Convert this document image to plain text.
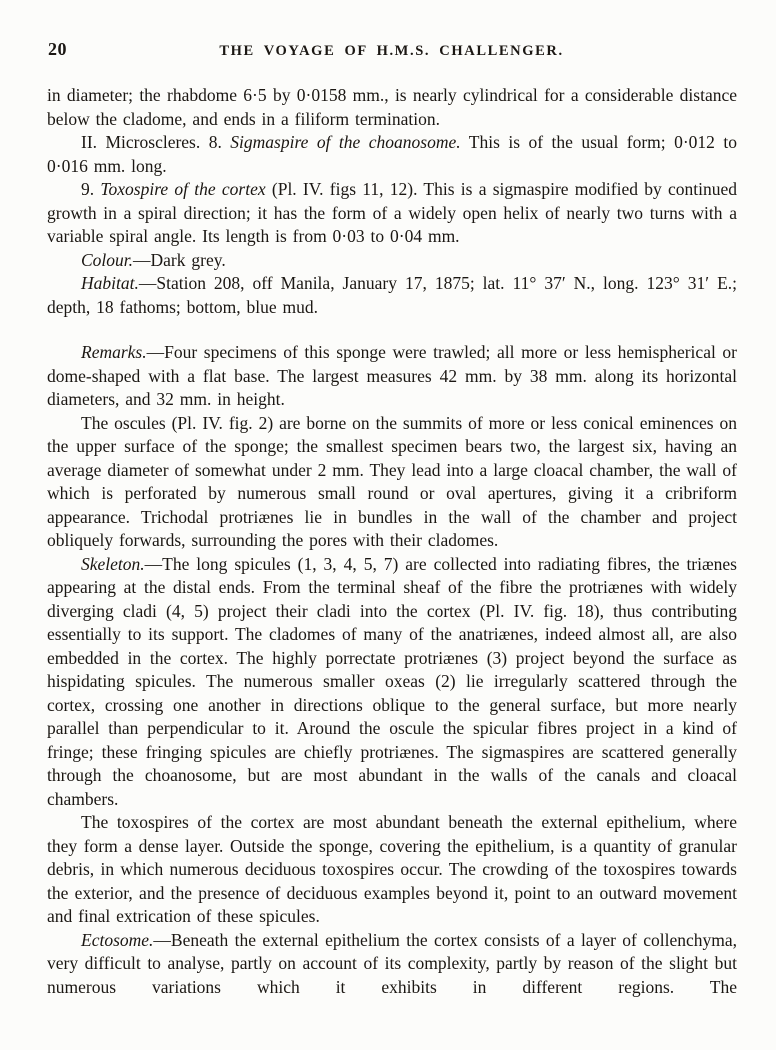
20	THE VOYAGE OF H.M.S. CHALLENGER.

in diameter; the rhabdome 6·5 by 0·0158 mm., is nearly cylindrical for a considerable distance below the cladome, and ends in a filiform termination.

II. Microscleres. 8. Sigmaspire of the choanosome. This is of the usual form; 0·012 to 0·016 mm. long.

9. Toxospire of the cortex (Pl. IV. figs 11, 12). This is a sigmaspire modified by continued growth in a spiral direction; it has the form of a widely open helix of nearly two turns with a variable spiral angle. Its length is from 0·03 to 0·04 mm.

Colour.—Dark grey.

Habitat.—Station 208, off Manila, January 17, 1875; lat. 11° 37′ N., long. 123° 31′ E.; depth, 18 fathoms; bottom, blue mud.

Remarks.—Four specimens of this sponge were trawled; all more or less hemispherical or dome-shaped with a flat base. The largest measures 42 mm. by 38 mm. along its horizontal diameters, and 32 mm. in height.

The oscules (Pl. IV. fig. 2) are borne on the summits of more or less conical eminences on the upper surface of the sponge; the smallest specimen bears two, the largest six, having an average diameter of somewhat under 2 mm. They lead into a large cloacal chamber, the wall of which is perforated by numerous small round or oval apertures, giving it a cribriform appearance. Trichodal protriænes lie in bundles in the wall of the chamber and project obliquely forwards, surrounding the pores with their cladomes.

Skeleton.—The long spicules (1, 3, 4, 5, 7) are collected into radiating fibres, the triænes appearing at the distal ends. From the terminal sheaf of the fibre the protriænes with widely diverging cladi (4, 5) project their cladi into the cortex (Pl. IV. fig. 18), thus contributing essentially to its support. The cladomes of many of the anatriænes, indeed almost all, are also embedded in the cortex. The highly porrectate protriænes (3) project beyond the surface as hispidating spicules. The numerous smaller oxeas (2) lie irregularly scattered through the cortex, crossing one another in directions oblique to the general surface, but more nearly parallel than perpendicular to it. Around the oscule the spicular fibres project in a kind of fringe; these fringing spicules are chiefly protriænes. The sigmaspires are scattered generally through the choanosome, but are most abundant in the walls of the canals and cloacal chambers.

The toxospires of the cortex are most abundant beneath the external epithelium, where they form a dense layer. Outside the sponge, covering the epithelium, is a quantity of granular debris, in which numerous deciduous toxospires occur. The crowding of the toxospires towards the exterior, and the presence of deciduous examples beyond it, point to an outward movement and final extrication of these spicules.

Ectosome.—Beneath the external epithelium the cortex consists of a layer of collenchyma, very difficult to analyse, partly on account of its complexity, partly by reason of the slight but numerous variations which it exhibits in different regions. The
